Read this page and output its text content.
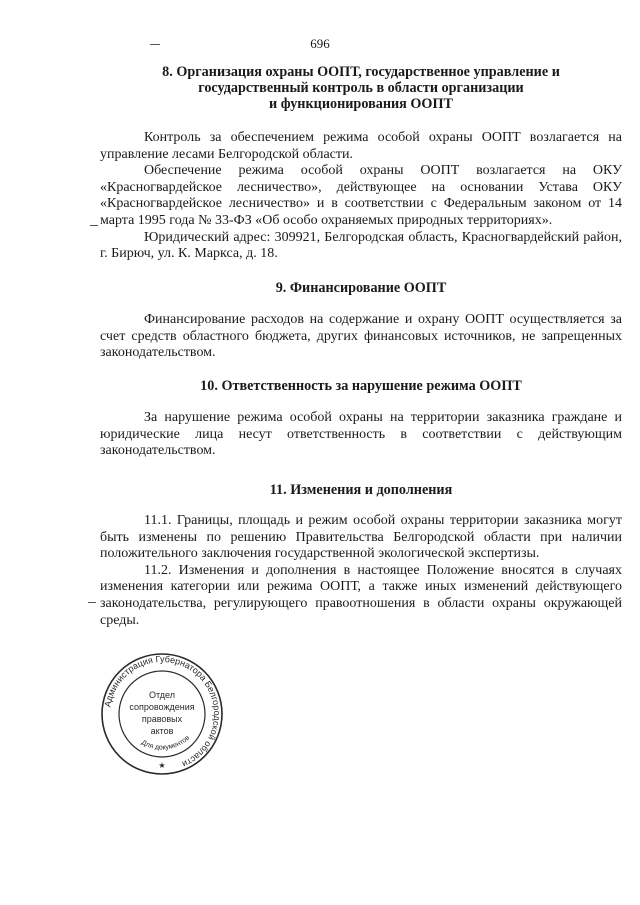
696
8. Организация охраны ООПТ, государственное управление и
государственный контроль в области организации
и функционирования ООПТ

Контроль за обеспечением режима особой охраны ООПТ возлагается на управление лесами Белгородской области.

Обеспечение режима особой охраны ООПТ возлагается на ОКУ «Красногвардейское лесничество», действующее на основании Устава ОКУ «Красногвардейское лесничество» и в соответствии с Федеральным законом от 14 марта 1995 года № 33-ФЗ «Об особо охраняемых природных территориях».

Юридический адрес: 309921, Белгородская область, Красногвардейский район, г. Бирюч, ул. К. Маркса, д. 18.

9. Финансирование ООПТ

Финансирование расходов на содержание и охрану ООПТ осуществляется за счет средств областного бюджета, других финансовых источников, не запрещенных законодательством.

10. Ответственность за нарушение режима ООПТ

За нарушение режима особой охраны на территории заказника граждане и юридические лица несут ответственность в соответствии с действующим законодательством.

11. Изменения и дополнения

11.1. Границы, площадь и режим особой охраны территории заказника могут быть изменены по решению Правительства Белгородской области при наличии положительного заключения государственной экологической экспертизы.

11.2. Изменения и дополнения в настоящее Положение вносятся в случаях изменения категории или режима ООПТ, а также иных изменений действующего законодательства, регулирующего правоотношения в области охраны окружающей среды.

Администрация Губернатора Белгородской области
Для документов
Отдел
сопровождения
правовых
актов
★
